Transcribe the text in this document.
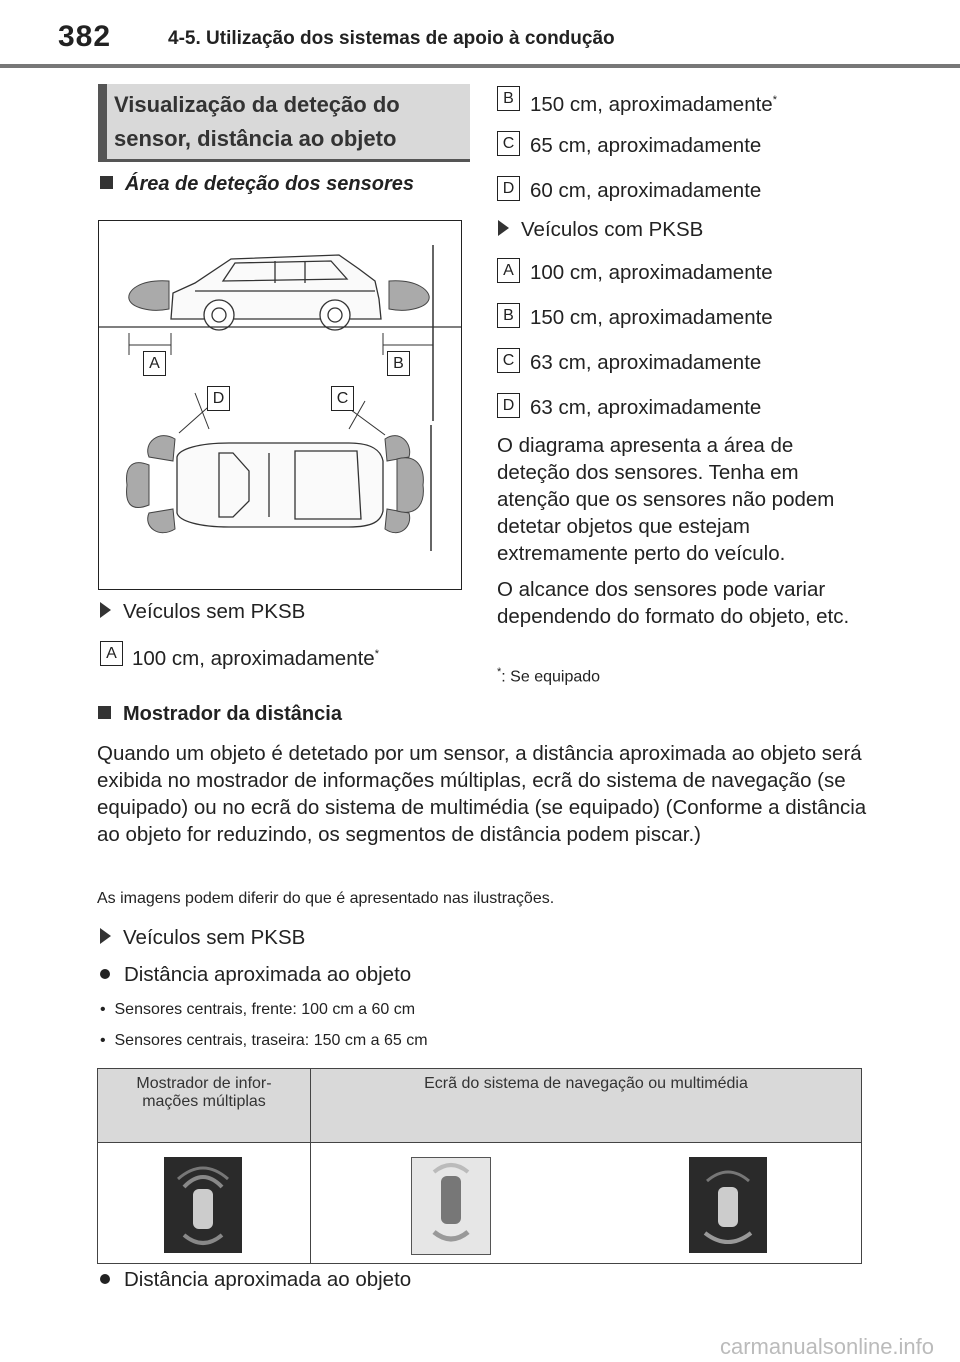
382	4-5. Utilização dos sistemas de apoio à condução
Visualização da deteção do sensor, distância ao objeto
Área de deteção dos sensores
A	B
D	C
Veículos sem PKSB
A 100 cm, aproximadamente*
B 150 cm, aproximadamente*
C 65 cm, aproximadamente
D 60 cm, aproximadamente
Veículos com PKSB
A 100 cm, aproximadamente
B 150 cm, aproximadamente
C 63 cm, aproximadamente
D 63 cm, aproximadamente
O diagrama apresenta a área de deteção dos sensores. Tenha em atenção que os sensores não podem detetar objetos que estejam extremamente perto do veículo.
O alcance dos sensores pode variar dependendo do formato do objeto, etc.
*: Se equipado
Mostrador da distância
Quando um objeto é detetado por um sensor, a distância aproximada ao objeto será exibida no mostrador de informações múltiplas, ecrã do sistema de navegação (se equipado) ou no ecrã do sistema de multimédia (se equipado) (Conforme a distância ao objeto for reduzindo, os segmentos de distância podem piscar.)
As imagens podem diferir do que é apresentado nas ilustrações.
Veículos sem PKSB
Distância aproximada ao objeto
•  Sensores centrais, frente: 100 cm a 60 cm
•  Sensores centrais, traseira: 150 cm a 65 cm
Mostrador de infor-
mações múltiplas	Ecrã do sistema de navegação ou multimédia

Distância aproximada ao objeto
carmanualsonline.info
